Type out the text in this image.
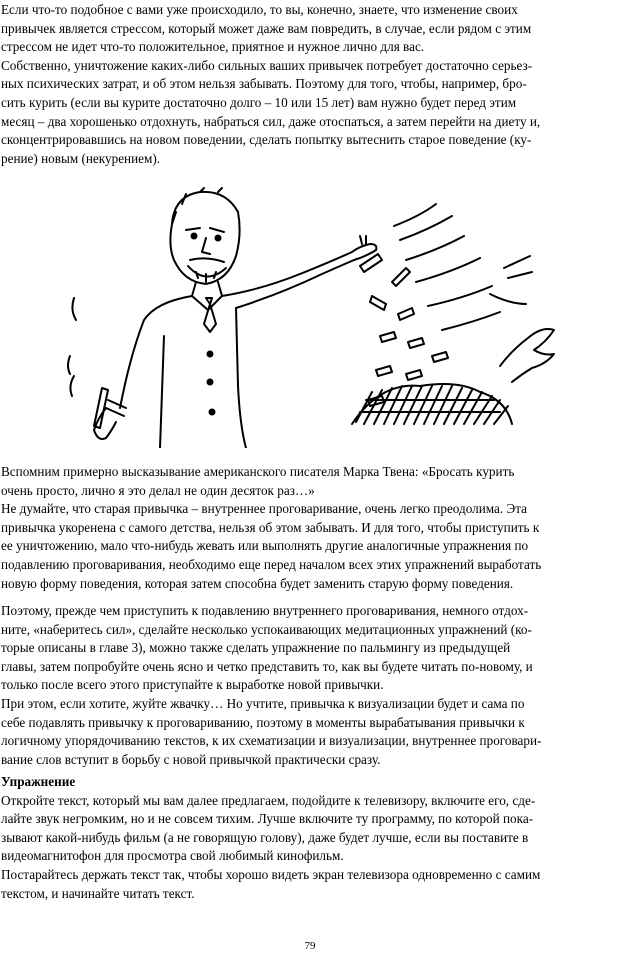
Если что-то подобное с вами уже происходило, то вы, конечно, знаете, что изменение своих
привычек является стрессом, который может даже вам повредить, в случае, если рядом с этим
стрессом не идет что-то положительное, приятное и нужное лично для вас.
Собственно, уничтожение каких-либо сильных ваших привычек потребует достаточно серьез-
ных психических затрат, и об этом нельзя забывать. Поэтому для того, чтобы, например, бро-
сить курить (если вы курите достаточно долго – 10 или 15 лет) вам нужно будет перед этим
месяц – два хорошенько отдохнуть, набраться сил, даже отоспаться, а затем перейти на диету и,
сконцентрировавшись на новом поведении, сделать попытку вытеснить старое поведение (ку-
рение) новым (некурением).
Вспомним примерно высказывание американского писателя Марка Твена: «Бросать курить
очень просто, лично я это делал не один десяток раз…»
Не думайте, что старая привычка – внутреннее проговаривание, очень легко преодолима. Эта
привычка укоренена с самого детства, нельзя об этом забывать. И для того, чтобы приступить к
ее уничтожению, мало что-нибудь жевать или выполнять другие аналогичные упражнения по
подавлению проговаривания, необходимо еще перед началом всех этих упражнений выработать
новую форму поведения, которая затем способна будет заменить старую форму поведения.
Поэтому, прежде чем приступить к подавлению внутреннего проговаривания, немного отдох-
ните, «наберитесь сил», сделайте несколько успокаивающих медитационных упражнений (ко-
торые описаны в главе 3), можно также сделать упражнение по пальмингу из предыдущей
главы, затем попробуйте очень ясно и четко представить то, как вы будете читать по-новому, и
только после всего этого приступайте к выработке новой привычки.
При этом, если хотите, жуйте жвачку… Но учтите, привычка к визуализации будет и сама по
себе подавлять привычку к проговариванию, поэтому в моменты вырабатывания привычки к
логичному упорядочиванию текстов, к их схематизации и визуализации, внутреннее проговари-
вание слов вступит в борьбу с новой привычкой практически сразу.
Упражнение
Откройте текст, который мы вам далее предлагаем, подойдите к телевизору, включите его, сде-
лайте звук негромким, но и не совсем тихим. Лучше включите ту программу, по которой пока-
зывают какой-нибудь фильм (а не говорящую голову), даже будет лучше, если вы поставите в
видеомагнитофон для просмотра свой любимый кинофильм.
Постарайтесь держать текст так, чтобы хорошо видеть экран телевизора одновременно с самим
текстом, и начинайте читать текст.
79
